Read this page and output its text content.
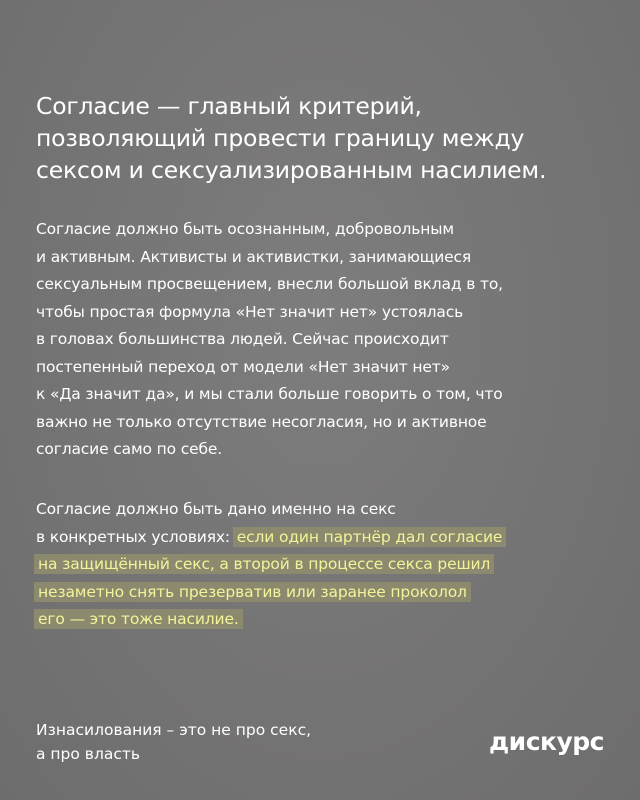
Согласие — главный критерий,
позволяющий провести границу между
сексом и сексуализированным насилием.

Согласие должно быть осознанным, добровольным
и активным. Активисты и активистки, занимающиеся
сексуальным просвещением, внесли большой вклад в то,
чтобы простая формула «Нет значит нет» устоялась
в головах большинства людей. Сейчас происходит
постепенный переход от модели «Нет значит нет»
к «Да значит да», и мы стали больше говорить о том, что
важно не только отсутствие несогласия, но и активное
согласие само по себе.

Согласие должно быть дано именно на секс
в конкретных условиях: если один партнёр дал согласие
на защищённый секс, а второй в процессе секса решил
незаметно снять презерватив или заранее проколол
его — это тоже насилие.

Изнасилования – это не про секс,
а про власть	дискурс
